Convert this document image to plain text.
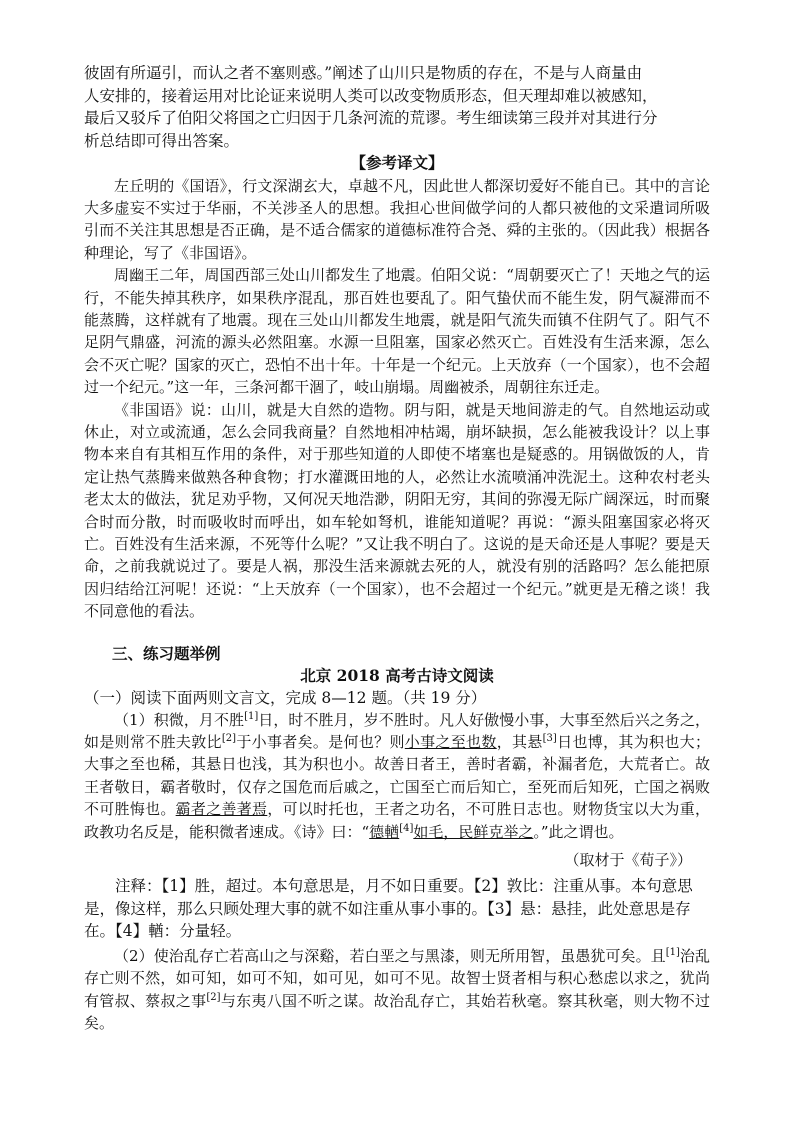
彼固有所逼引，而认之者不塞则惑。”阐述了山川只是物质的存在，不是与人商量由

人安排的，接着运用对比论证来说明人类可以改变物质形态，但天理却难以被感知，

最后又驳斥了伯阳父将国之亡归因于几条河流的荒谬。考生细读第三段并对其进行分

析总结即可得出答案。

【参考译文】

左丘明的《国语》，行文深湖玄大，卓越不凡，因此世人都深切爱好不能自已。其中的言论大多虚妄不实过于华丽，不关涉圣人的思想。我担心世间做学问的人都只被他的文采遣词所吸引而不关注其思想是否正确，是不适合儒家的道德标准符合尧、舜的主张的。（因此我）根据各种理论，写了《非国语》。

周幽王二年，周国西部三处山川都发生了地震。伯阳父说：“周朝要灭亡了！天地之气的运行，不能失掉其秩序，如果秩序混乱，那百姓也要乱了。阳气蛰伏而不能生发，阴气凝滞而不能蒸腾，这样就有了地震。现在三处山川都发生地震，就是阳气流失而镇不住阴气了。阳气不足阴气鼎盛，河流的源头必然阻塞。水源一旦阻塞，国家必然灭亡。百姓没有生活来源，怎么会不灭亡呢？国家的灭亡，恐怕不出十年。十年是一个纪元。上天放弃（一个国家），也不会超过一个纪元。”这一年，三条河都干涸了，岐山崩塌。周幽被杀，周朝往东迁走。

《非国语》说：山川，就是大自然的造物。阴与阳，就是天地间游走的气。自然地运动或休止，对立或流通，怎么会同我商量？自然地相冲枯竭，崩坏缺损，怎么能被我设计？以上事物本来自有其相互作用的条件，对于那些知道的人即使不堵塞也是疑惑的。用锅做饭的人，肯定让热气蒸腾来做熟各种食物；打水灌溉田地的人，必然让水流喷涌冲洗泥土。这种农村老头老太太的做法，犹足劝乎物，又何况天地浩渺，阴阳无穷，其间的弥漫无际广阔深远，时而聚合时而分散，时而吸收时而呼出，如车轮如弩机，谁能知道呢？再说：“源头阻塞国家必将灭亡。百姓没有生活来源，不死等什么呢？”又让我不明白了。这说的是天命还是人事呢？要是天命，之前我就说过了。要是人祸，那没生活来源就去死的人，就没有别的活路吗？怎么能把原因归结给江河呢！还说：“上天放弃（一个国家），也不会超过一个纪元。”就更是无稽之谈！我不同意他的看法。

三、练习题举例

北京 2018 高考古诗文阅读

（一）阅读下面两则文言文，完成 8—12 题。（共 19 分）

（1）积微，月不胜[1]日，时不胜月，岁不胜时。凡人好傲慢小事，大事至然后兴之务之，如是则常不胜夫敦比[2]于小事者矣。是何也？则小事之至也数，其悬[3]日也博，其为积也大；大事之至也稀，其悬日也浅，其为积也小。故善日者王，善时者霸，补漏者危，大荒者亡。故王者敬日，霸者敬时，仅存之国危而后戚之，亡国至亡而后知亡，至死而后知死，亡国之祸败不可胜悔也。霸者之善著焉，可以时托也，王者之功名，不可胜日志也。财物货宝以大为重，政教功名反是，能积微者速成。《诗》曰：“德輶[4]如毛，民鲜克举之。”此之谓也。

（取材于《荀子》）

注释：【1】胜，超过。本句意思是，月不如日重要。【2】敦比：注重从事。本句意思是，像这样，那么只顾处理大事的就不如注重从事小事的。【3】悬：悬挂，此处意思是存在。【4】輶：分量轻。

（2）使治乱存亡若高山之与深谿，若白垩之与黑漆，则无所用智，虽愚犹可矣。且[1]治乱存亡则不然，如可知，如可不知，如可见，如可不见。故智士贤者相与积心愁虑以求之，犹尚有管叔、蔡叔之事[2]与东夷八国不听之谋。故治乱存亡，其始若秋毫。察其秋毫，则大物不过矣。
